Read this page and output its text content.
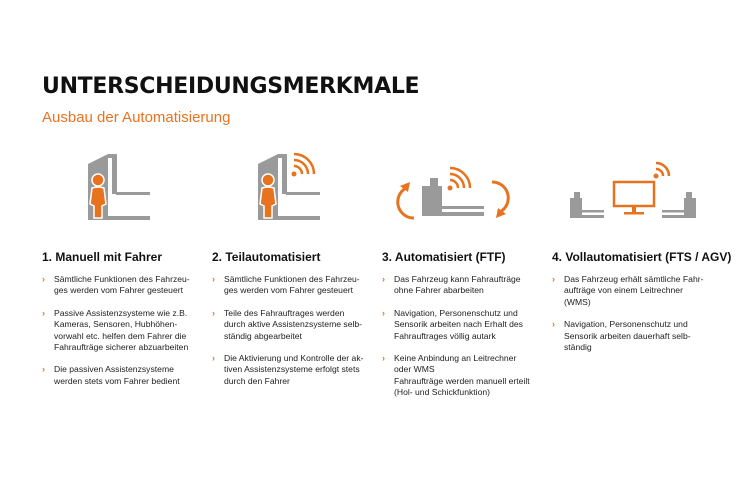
UNTERSCHEIDUNGSMERKMALE
Ausbau der Automatisierung
1. Manuell mit Fahrer
› Sämtliche Funktionen des Fahrzeu-
ges werden vom Fahrer gesteuert
› Passive Assistenzsysteme wie z.B.
Kameras, Sensoren, Hubhöhen-
vorwahl etc. helfen dem Fahrer die
Fahraufträge sicherer abzuarbeiten
› Die passiven Assistenzsysteme
werden stets vom Fahrer bedient
2. Teilautomatisiert
› Sämtliche Funktionen des Fahrzeu-
ges werden vom Fahrer gesteuert
› Teile des Fahrauftrages werden
durch aktive Assistenzsysteme selb-
ständig abgearbeitet
› Die Aktivierung und Kontrolle der ak-
tiven Assistenzsysteme erfolgt stets
durch den Fahrer
3. Automatisiert (FTF)
› Das Fahrzeug kann Fahraufträge
ohne Fahrer abarbeiten
› Navigation, Personenschutz und
Sensorik arbeiten nach Erhalt des
Fahrauftrages völlig autark
› Keine Anbindung an Leitrechner
oder WMS
Fahraufträge werden manuell erteilt
(Hol- und Schickfunktion)
4. Vollautomatisiert (FTS / AGV)
› Das Fahrzeug erhält sämtliche Fahr-
aufträge von einem Leitrechner
(WMS)
› Navigation, Personenschutz und
Sensorik arbeiten dauerhaft selb-
ständig
